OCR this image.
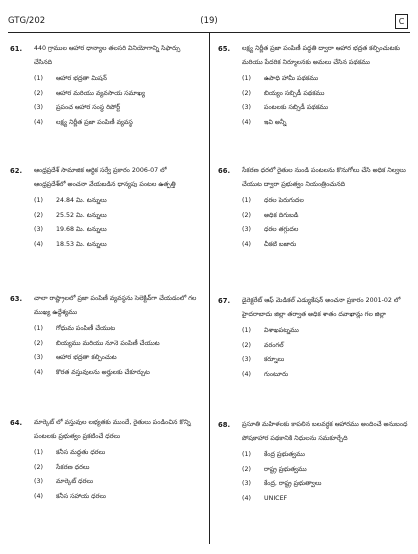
GTG/202	(19)	C
61. 440 గ్రాముల ఆహార ధాన్యాల తలసరి వినియోగాన్ని సిఫార్సు చేసినది
(1)	ఆహార భద్రతా మిషన్
(2)	ఆహార మరియు వ్యవసాయ సమాఖ్య
(3)	ప్రపంచ ఆహార సంస్థ రిపోర్ట్
(4)	లక్ష్య నిర్ణీత ప్రజా పంపిణీ వ్యవస్థ
62. ఆంధ్రప్రదేశ్ సామాజిక ఆర్థిక సర్వే ప్రకారం 2006-07 లో ఆంధ్రప్రదేశ్‌లో అంచనా వేయబడిన ధాన్యపు పంటల ఉత్పత్తి
(1)	24.84 మి. టన్నులు
(2)	25.52 మి. టన్నులు
(3)	19.68 మి. టన్నులు
(4)	18.53 మి. టన్నులు
63. చాలా రాష్ట్రాలలో ప్రజా పంపిణీ వ్యవస్థను సెలెక్టివ్‌గా చేయడంలో గల ముఖ్య ఉద్దేశ్యము
(1)	గోధుమ పంపిణీ చేయుట
(2)	బియ్యము మరియు నూనె పంపిణీ చేయుట
(3)	ఆహార భద్రతా కల్పించుట
(4)	కొరత వస్తువులను అర్హులకు చేకూర్చుట
64. మార్కెట్ లో వస్తువుల లభ్యతకు ముందే, రైతులు పండించిన కొన్ని పంటలకు ప్రభుత్వం ప్రకటించే ధరలు
(1)	కనీస మద్దతు ధరలు
(2)	సేకరణ ధరలు
(3)	మార్కెట్ ధరలు
(4)	కనీస సహాయ ధరలు
65. లక్ష్య నిర్ణీత ప్రజా పంపిణీ పద్ధతి ద్వారా ఆహార భద్రత కల్పించుటకు మరియు పేదరిక నిర్మూలనకు అమలు చేసిన పథకము
(1)	ఉపాధి హామీ పథకము
(2)	బియ్యం సబ్సిడీ పథకము
(3)	పంటలకు సబ్సిడీ పథకము
(4)	ఇవి అన్నీ
66. సేకరణ ధరలో రైతుల నుండి పంటలను కొనుగోలు చేసి అధిక నిల్వలు చేయుట ద్వారా ప్రభుత్వం నియంత్రించునది
(1)	ధరల పెరుగుదల
(2)	అధిక దిగుబడి
(3)	ధరల తగ్గుదల
(4)	చీకటి బజారు
67. డైరెక్టరేట్ ఆఫ్ మెడికల్ ఎడ్యుకేషన్ అంచనా ప్రకారం 2001-02 లో హైదరాబాదు జిల్లా తర్వాత అధిక శాతం దవాఖాన్లు గల జిల్లా
(1)	విశాఖపట్నము
(2)	వరంగల్
(3)	కర్నూలు
(4)	గుంటూరు
68. ప్రసూతి మహిళలకు కాపలిన బలవర్ధక ఆహారము అందించే అనుబంధ పోషకాహార పథకానికి నిధులను సమకూర్చేది
(1)	కేంద్ర ప్రభుత్వము
(2)	రాష్ట్ర ప్రభుత్వము
(3)	కేంద్ర, రాష్ట్ర ప్రభుత్వాలు
(4)	UNICEF
